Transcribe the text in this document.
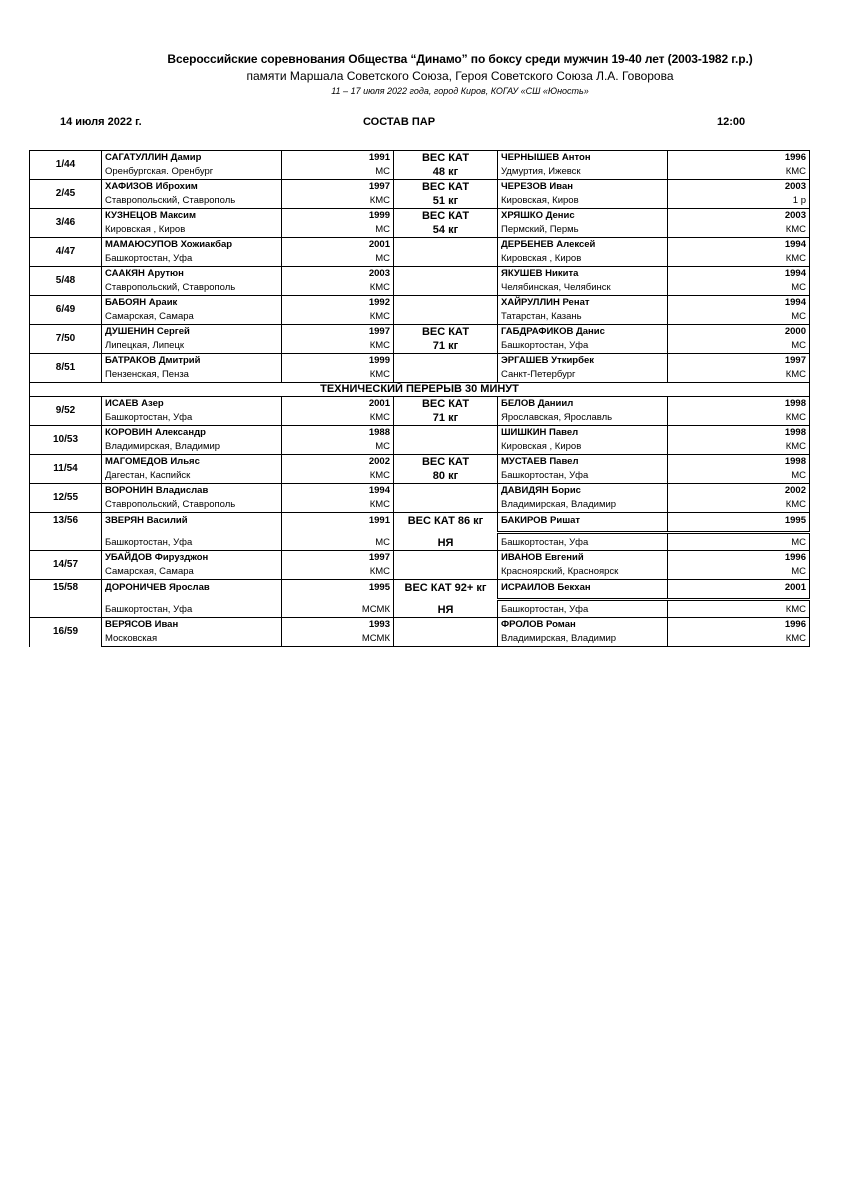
Всероссийские соревнования Общества “Динамо” по боксу среди мужчин 19-40 лет (2003-1982 г.р.)
памяти Маршала Советского Союза, Героя Советского Союза Л.А. Говорова
11 – 17 июля 2022 года, город Киров, КОГАУ «СШ «Юность»
14 июля 2022 г.	СОСТАВ ПАР	12:00
1/44	САГАТУЛЛИН Дамир	1991	ВЕС КАТ	ЧЕРНЫШЕВ Антон	1996
	Оренбургская. Оренбург	МС	48 кг	Удмуртия, Ижевск	КМС
2/45	ХАФИЗОВ Иброхим	1997	ВЕС КАТ	ЧЕРЕЗОВ Иван	2003
	Ставропольский, Ставрополь	КМС	51 кг	Кировская, Киров	1 р
3/46	КУЗНЕЦОВ Максим	1999	ВЕС КАТ	ХРЯШКО Денис	2003
	Кировская , Киров	МС	54 кг	Пермский, Пермь	КМС
4/47	МАМАЮСУПОВ Хожиакбар	2001		ДЕРБЕНЕВ Алексей	1994
	Башкортостан, Уфа	МС		Кировская , Киров	КМС
5/48	СААКЯН Арутюн	2003		ЯКУШЕВ Никита	1994
	Ставропольский, Ставрополь	КМС		Челябинская, Челябинск	МС
6/49	БАБОЯН Араик	1992		ХАЙРУЛЛИН Ренат	1994
	Самарская, Самара	КМС		Татарстан, Казань	МС
7/50	ДУШЕНИН Сергей	1997	ВЕС КАТ	ГАБДРАФИКОВ Данис	2000
	Липецкая, Липецк	КМС	71 кг	Башкортостан, Уфа	МС
8/51	БАТРАКОВ Дмитрий	1999		ЭРГАШЕВ Уткирбек	1997
	Пензенская, Пенза	КМС		Санкт-Петербург	КМС
ТЕХНИЧЕСКИЙ ПЕРЕРЫВ 30 МИНУТ					
9/52	ИСАЕВ Азер	2001	ВЕС КАТ	БЕЛОВ Даниил	1998
	Башкортостан, Уфа	КМС	71 кг	Ярославская, Ярославль	КМС
10/53	КОРОВИН Александр	1988		ШИШКИН Павел	1998
	Владимирская, Владимир	МС		Кировская , Киров	КМС
11/54	МАГОМЕДОВ Ильяс	2002	ВЕС КАТ	МУСТАЕВ Павел	1998
	Дагестан, Каспийск	КМС	80 кг	Башкортостан, Уфа	МС
12/55	ВОРОНИН Владислав	1994		ДАВИДЯН Борис	2002
	Ставропольский, Ставрополь	КМС		Владимирская, Владимир	КМС
13/56	ЗВЕРЯН Василий	1991	ВЕС КАТ 86 кг	БАКИРОВ Ришат	1995
	Башкортостан, Уфа	МС	НЯ	Башкортостан, Уфа	МС
14/57	УБАЙДОВ Фирузджон	1997		ИВАНОВ Евгений	1996
	Самарская, Самара	КМС		Красноярский, Красноярск	МС
15/58	ДОРОНИЧЕВ Ярослав	1995	ВЕС КАТ 92+ кг	ИСРАИЛОВ Бекхан	2001
	Башкортостан, Уфа	МСМК	НЯ	Башкортостан, Уфа	КМС
16/59	ВЕРЯСОВ Иван	1993		ФРОЛОВ Роман	1996
	Московская	МСМК		Владимирская, Владимир	КМС
